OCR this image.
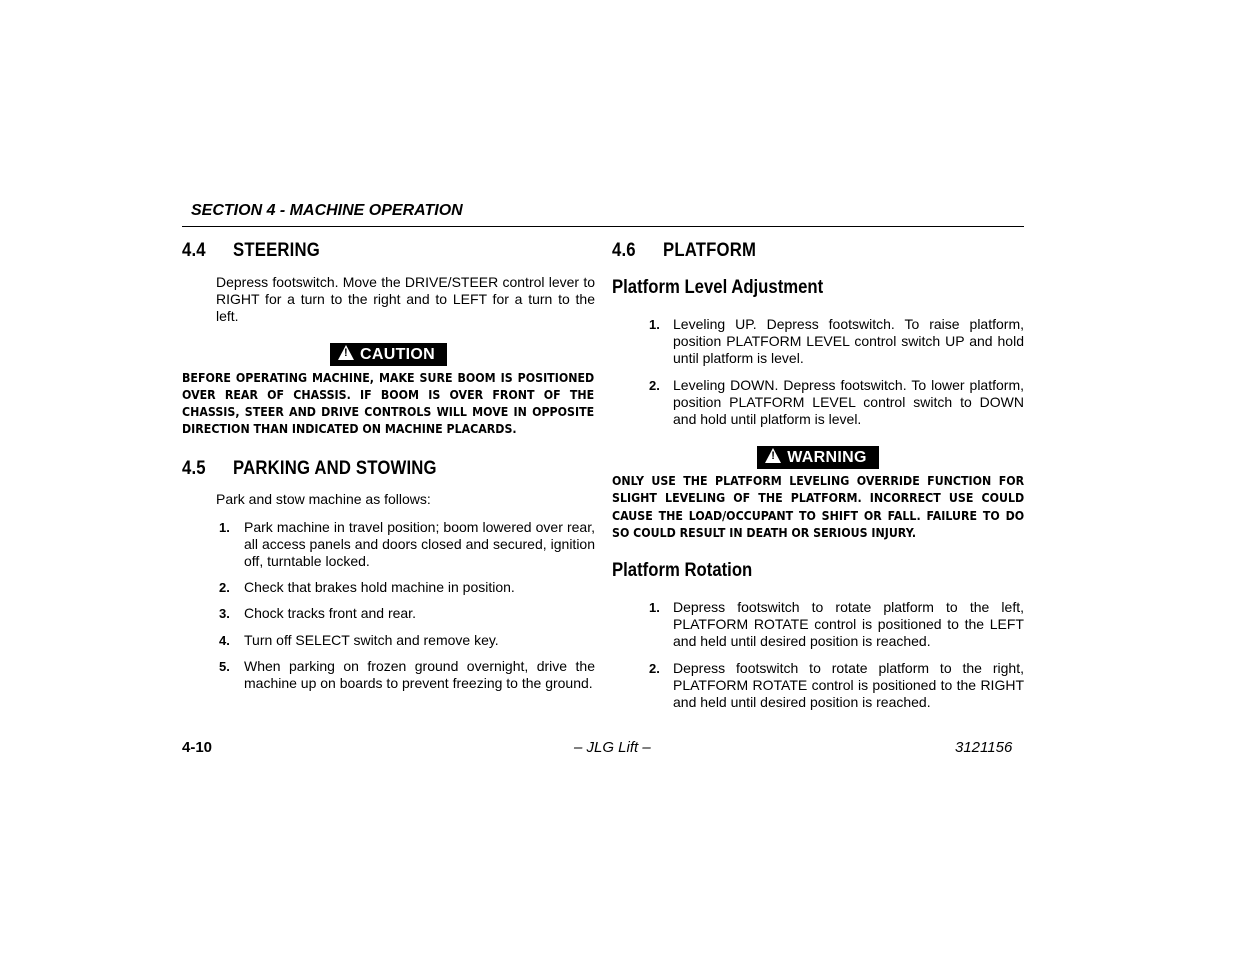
SECTION 4 - MACHINE OPERATION
4.4 STEERING
Depress footswitch. Move the DRIVE/STEER control lever to RIGHT for a turn to the right and to LEFT for a turn to the left.
!CAUTION
BEFORE OPERATING MACHINE, MAKE SURE BOOM IS POSITIONED OVER REAR OF CHASSIS. IF BOOM IS OVER FRONT OF THE CHASSIS, STEER AND DRIVE CONTROLS WILL MOVE IN OPPOSITE DIRECTION THAN INDICATED ON MACHINE PLACARDS.
4.5 PARKING AND STOWING
Park and stow machine as follows:
1. Park machine in travel position; boom lowered over rear, all access panels and doors closed and secured, ignition off, turntable locked.
2. Check that brakes hold machine in position.
3. Chock tracks front and rear.
4. Turn off SELECT switch and remove key.
5. When parking on frozen ground overnight, drive the machine up on boards to prevent freezing to the ground.
4.6 PLATFORM
Platform Level Adjustment
1. Leveling UP. Depress footswitch. To raise platform, position PLATFORM LEVEL control switch UP and hold until platform is level.
2. Leveling DOWN. Depress footswitch. To lower platform, position PLATFORM LEVEL control switch to DOWN and hold until platform is level.
!WARNING
ONLY USE THE PLATFORM LEVELING OVERRIDE FUNCTION FOR SLIGHT LEVELING OF THE PLATFORM. INCORRECT USE COULD CAUSE THE LOAD/OCCUPANT TO SHIFT OR FALL. FAILURE TO DO SO COULD RESULT IN DEATH OR SERIOUS INJURY.
Platform Rotation
1. Depress footswitch to rotate platform to the left, PLATFORM ROTATE control is positioned to the LEFT and held until desired position is reached.
2. Depress footswitch to rotate platform to the right, PLATFORM ROTATE control is positioned to the RIGHT and held until desired position is reached.
4-10	– JLG Lift –	3121156
